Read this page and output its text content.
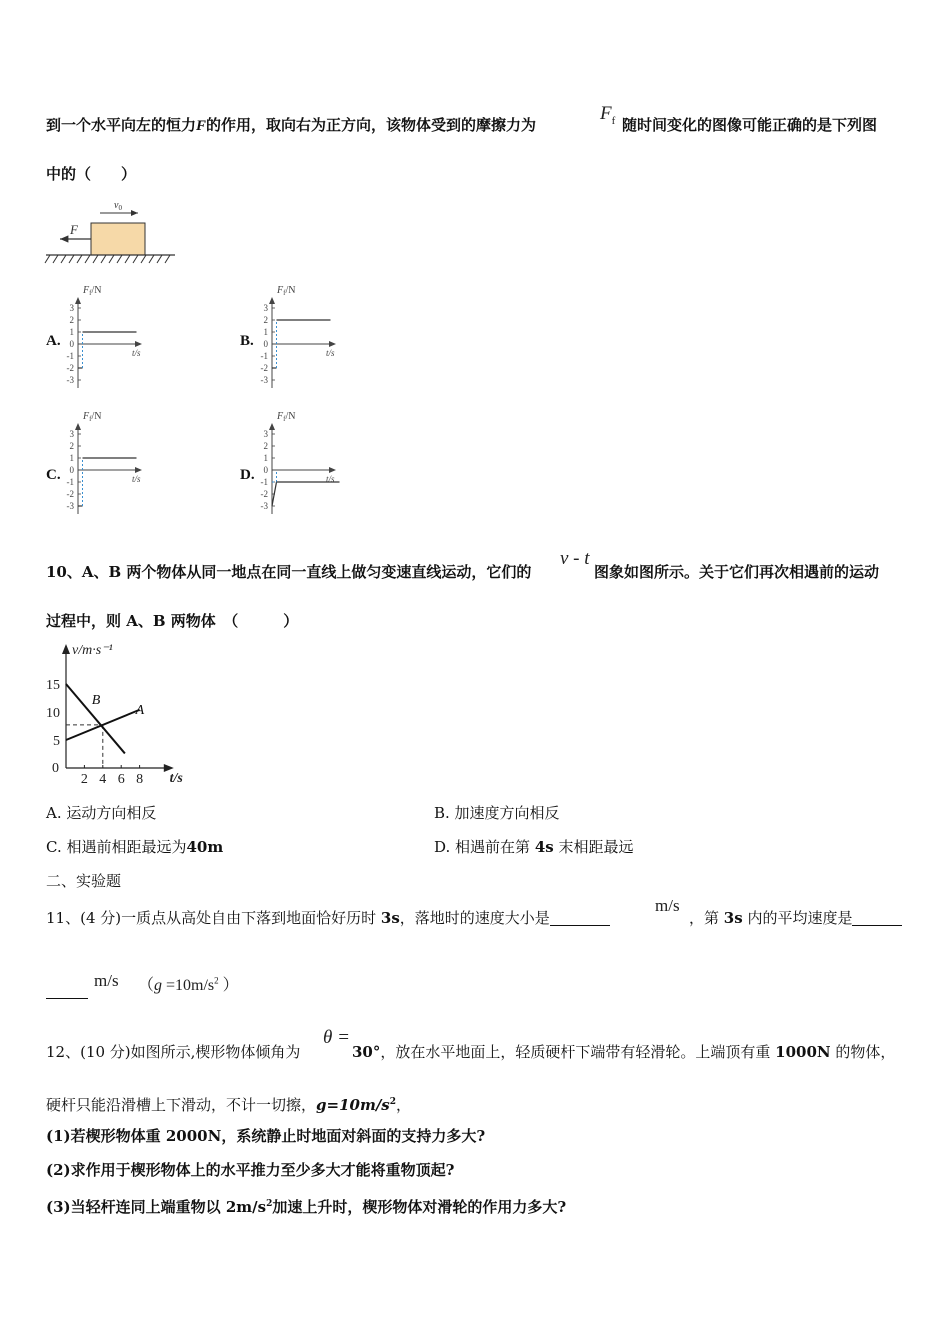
到一个水平向左的恒力F的作用，取向右为正方向，该物体受到的摩擦力为
$F_f$ 随时间变化的图像可能正确的是下列图
中的（　　）
F
$v_0$
A.
$F_f/N$
t/s
3
2
1
0
-1
-2
-3
B.
$F_f/N$
t/s
3
2
1
0
-1
-2
-3
C.
$F_f/N$
t/s
3
2
1
0
-1
-2
-3
D.
$F_f/N$
t/s
3
2
1
0
-1
-2
-3
10、A、B 两个物体从同一地点在同一直线上做匀变速直线运动，它们的
v - t
图象如图所示。关于它们再次相遇前的运动
过程中，则 A、B 两物体　（　　　）
v/m·s⁻¹
t/s
0
5
10
15
2 4 6 8
A
B
A. 运动方向相反	B. 加速度方向相反
C. 相遇前相距最远为40m	D. 相遇前在第 4s 末相距最远
二、实验题
11、(4 分)一质点从高处自由下落到地面恰好历时 3s，落地时的速度大小是
m/s
，第 3s 内的平均速度是
m/s （$g =10m/s^2$ ）
12、(10 分)如图所示,楔形物体倾角为
θ =
30°，放在水平地面上，轻质硬杆下端带有轻滑轮。上端顶有重 1000N 的物体，
硬杆只能沿滑槽上下滑动，不计一切擦，$g=10m/s^2$，
(1)若楔形物体重 2000N，系统静止时地面对斜面的支持力多大?
(2)求作用于楔形物体上的水平推力至少多大才能将重物顶起?
(3)当轻杆连同上端重物以 $2m/s^2$加速上升时，楔形物体对滑轮的作用力多大?
